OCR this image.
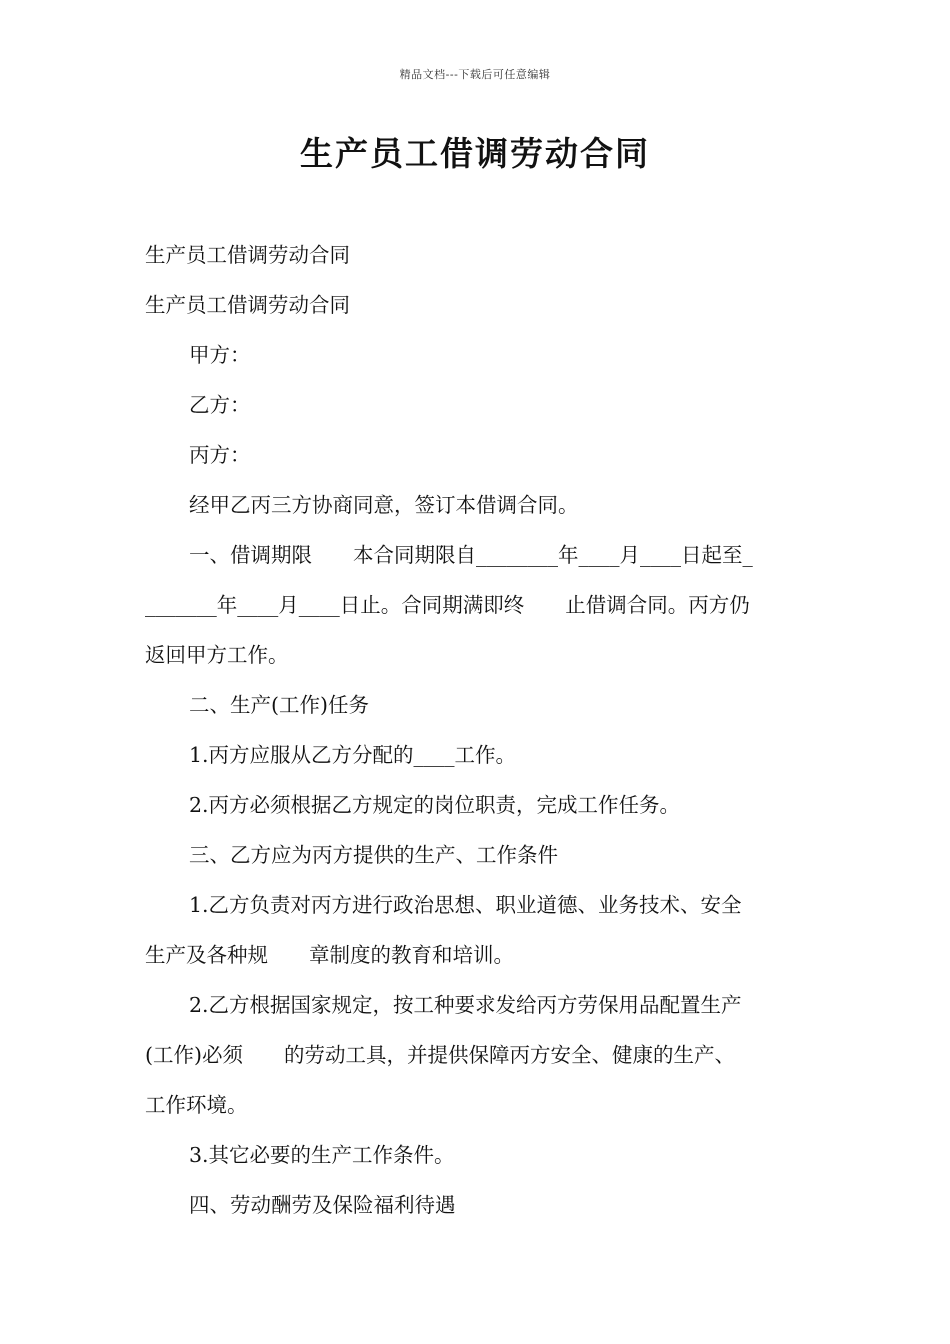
精品文档---下载后可任意编辑
生产员工借调劳动合同

生产员工借调劳动合同

生产员工借调劳动合同

甲方：

乙方：

丙方：

经甲乙丙三方协商同意，签订本借调合同。

一、借调期限　　本合同期限自________年____月____日起至_

_______年____月____日止。合同期满即终　　止借调合同。丙方仍

返回甲方工作。

二、生产(工作)任务

1.丙方应服从乙方分配的____工作。

2.丙方必须根据乙方规定的岗位职责，完成工作任务。

三、乙方应为丙方提供的生产、工作条件

1.乙方负责对丙方进行政治思想、职业道德、业务技术、安全

生产及各种规　　章制度的教育和培训。

2.乙方根据国家规定，按工种要求发给丙方劳保用品配置生产

(工作)必须　　的劳动工具，并提供保障丙方安全、健康的生产、

工作环境。

3.其它必要的生产工作条件。

四、劳动酬劳及保险福利待遇
